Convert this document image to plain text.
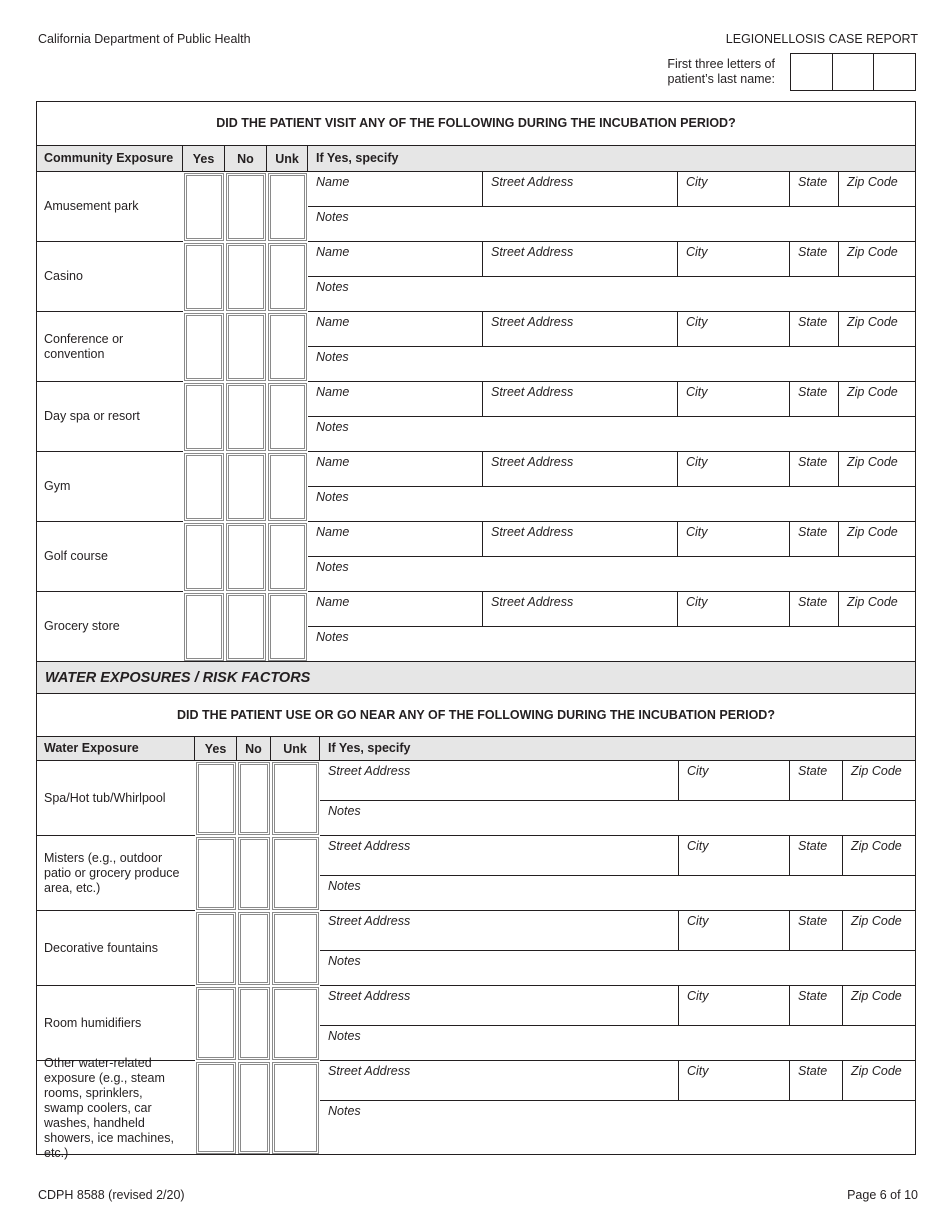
California Department of Public Health	LEGIONELLOSIS CASE REPORT
First three letters of
patient’s last name:
DID THE PATIENT VISIT ANY OF THE FOLLOWING DURING THE INCUBATION PERIOD?
Community Exposure	Yes	No	Unk	If Yes, specify
Amusement park
Name	Street Address	City	State	Zip Code
Notes
Casino
Name	Street Address	City	State	Zip Code
Notes
Conference or convention
Name	Street Address	City	State	Zip Code
Notes
Day spa or resort
Name	Street Address	City	State	Zip Code
Notes
Gym
Name	Street Address	City	State	Zip Code
Notes
Golf course
Name	Street Address	City	State	Zip Code
Notes
Grocery store
Name	Street Address	City	State	Zip Code
Notes
WATER EXPOSURES / RISK FACTORS
DID THE PATIENT USE OR GO NEAR ANY OF THE FOLLOWING DURING THE INCUBATION PERIOD?
Water Exposure	Yes	No	Unk	If Yes, specify
Spa/Hot tub/Whirlpool
Street Address	City	State	Zip Code
Notes
Misters (e.g., outdoor patio or grocery produce area, etc.)
Street Address	City	State	Zip Code
Notes
Decorative fountains
Street Address	City	State	Zip Code
Notes
Room humidifiers
Street Address	City	State	Zip Code
Notes
Other water-related exposure (e.g., steam rooms, sprinklers, swamp coolers, car washes, handheld showers, ice machines, etc.)
Street Address	City	State	Zip Code
Notes
CDPH 8588 (revised 2/20)	Page 6 of 10
